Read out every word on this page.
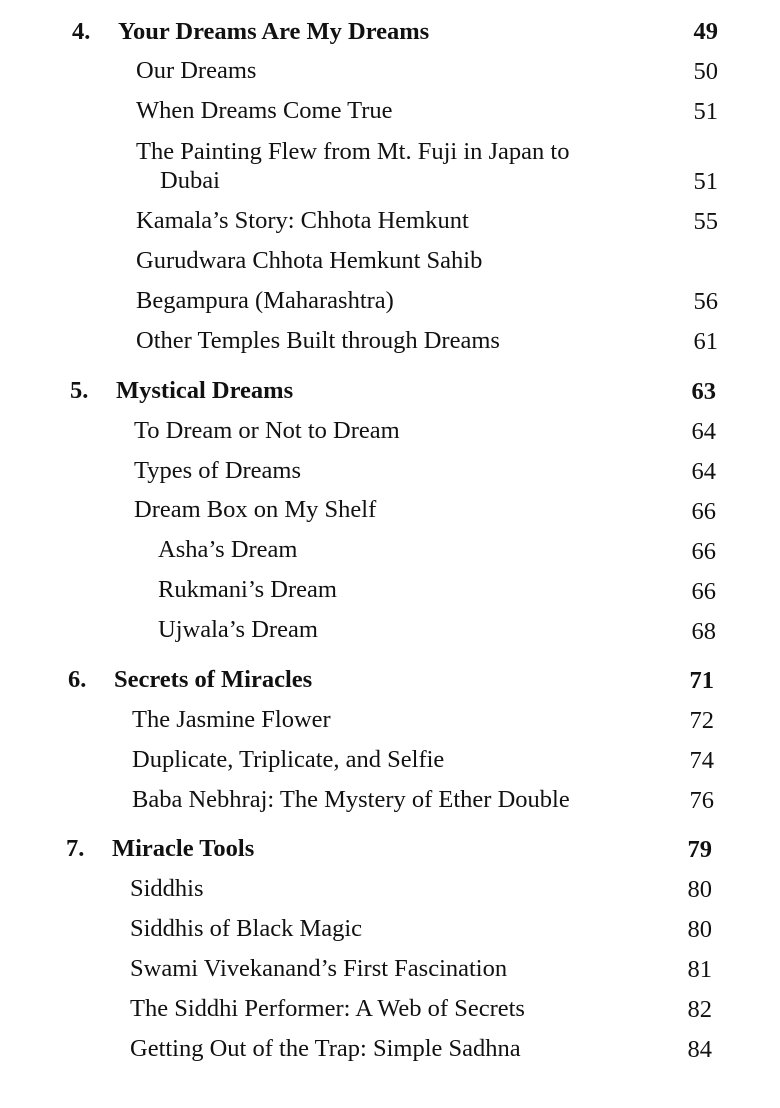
4. Your Dreams Are My Dreams	49
Our Dreams	50
When Dreams Come True	51
The Painting Flew from Mt. Fuji in Japan to
Dubai	51
Kamala’s Story: Chhota Hemkunt	55
Gurudwara Chhota Hemkunt Sahib
Begampura (Maharashtra)	56
Other Temples Built through Dreams	61
5. Mystical Dreams	63
To Dream or Not to Dream	64
Types of Dreams	64
Dream Box on My Shelf	66
Asha’s Dream	66
Rukmani’s Dream	66
Ujwala’s Dream	68
6. Secrets of Miracles	71
The Jasmine Flower	72
Duplicate, Triplicate, and Selfie	74
Baba Nebhraj: The Mystery of Ether Double	76
7. Miracle Tools	79
Siddhis	80
Siddhis of Black Magic	80
Swami Vivekanand’s First Fascination	81
The Siddhi Performer: A Web of Secrets	82
Getting Out of the Trap: Simple Sadhna	84
